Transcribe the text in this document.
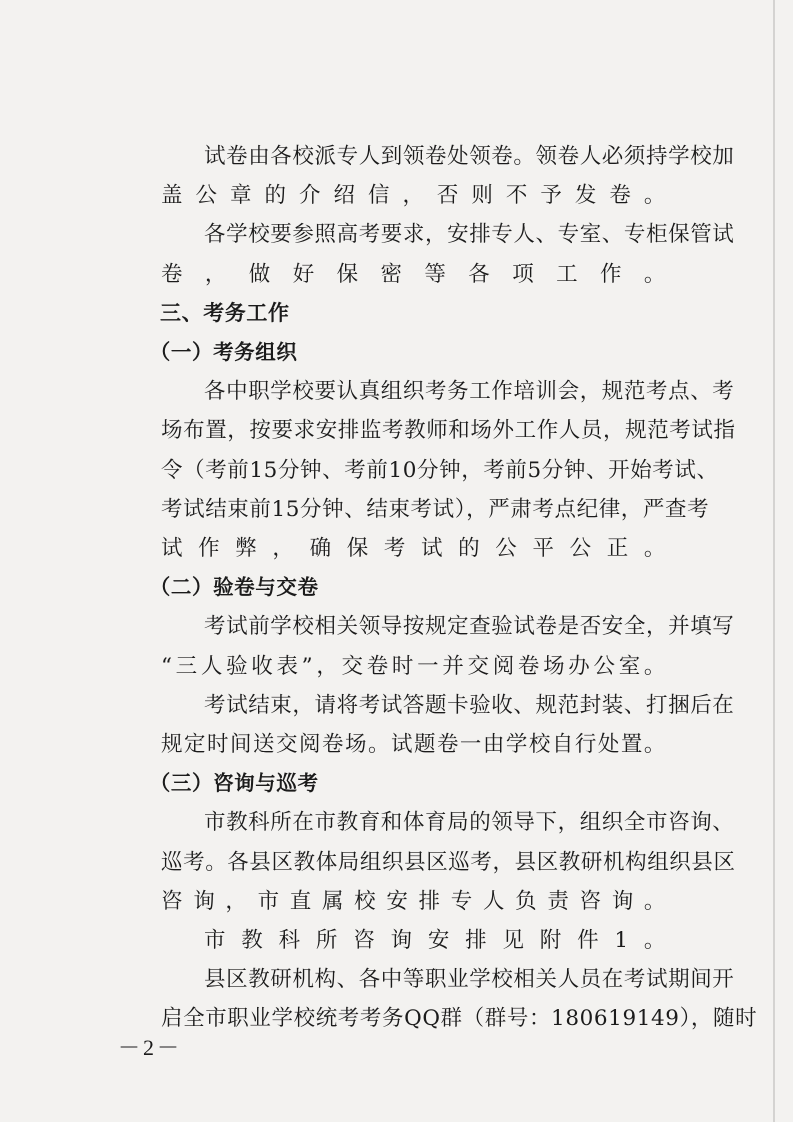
试卷由各校派专人到领卷处领卷。领卷人必须持学校加
盖公章的介绍信，否则不予发卷。
各学校要参照高考要求，安排专人、专室、专柜保管试
卷，做好保密等各项工作。
三、考务工作
（一）考务组织
各中职学校要认真组织考务工作培训会，规范考点、考
场布置，按要求安排监考教师和场外工作人员，规范考试指
令（考前15分钟、考前10分钟，考前5分钟、开始考试、
考试结束前15分钟、结束考试），严肃考点纪律，严查考
试作弊，确保考试的公平公正。
（二）验卷与交卷
考试前学校相关领导按规定查验试卷是否安全，并填写
“三人验收表”，交卷时一并交阅卷场办公室。
考试结束，请将考试答题卡验收、规范封装、打捆后在
规定时间送交阅卷场。试题卷一由学校自行处置。
（三）咨询与巡考
市教科所在市教育和体育局的领导下，组织全市咨询、
巡考。各县区教体局组织县区巡考，县区教研机构组织县区
咨询，市直属校安排专人负责咨询。
市教科所咨询安排见附件1。
县区教研机构、各中等职业学校相关人员在考试期间开
启全市职业学校统考考务QQ群（群号：180619149），随时
－2－
